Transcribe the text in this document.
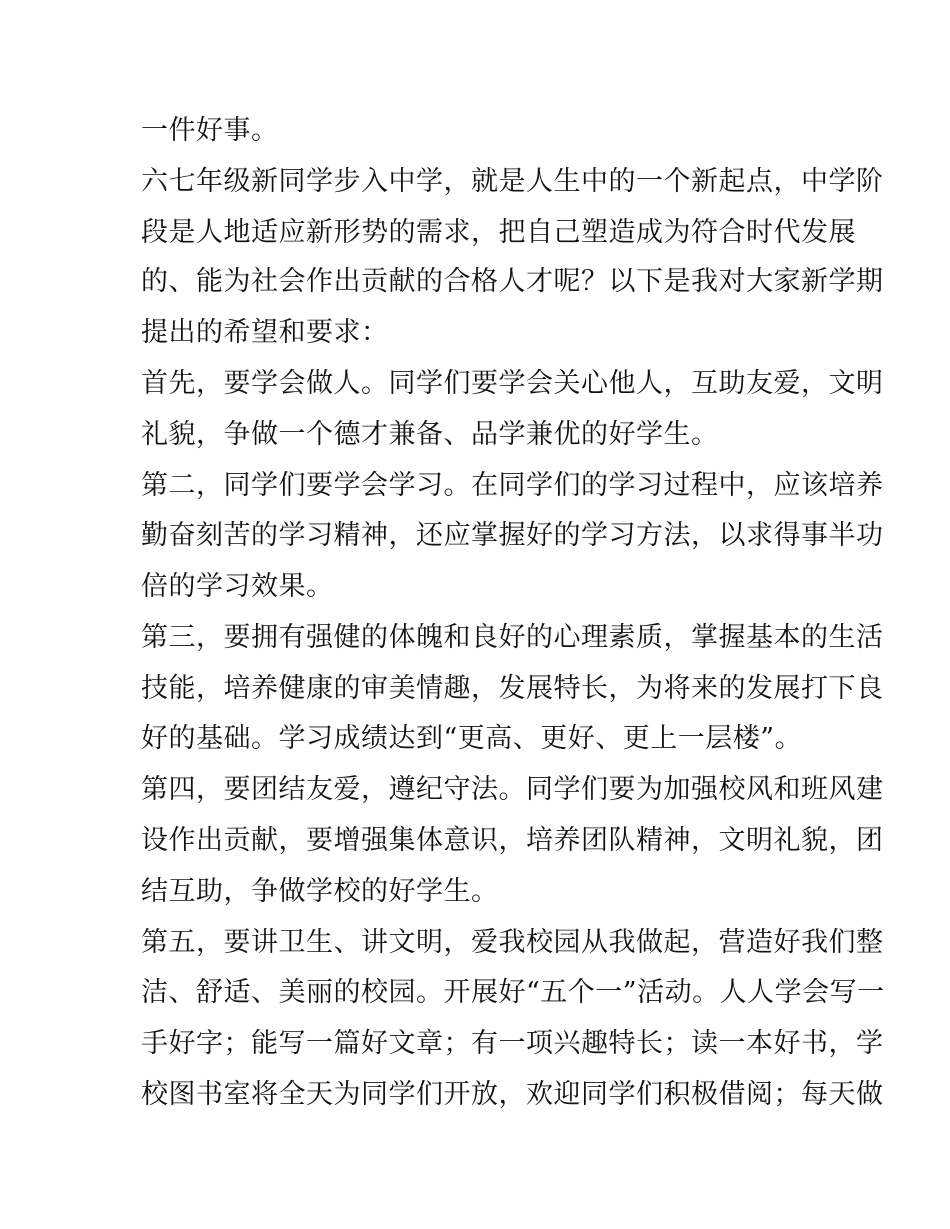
一件好事。
六七年级新同学步入中学，就是人生中的一个新起点，中学阶
段是人地适应新形势的需求，把自己塑造成为符合时代发展
的、能为社会作出贡献的合格人才呢？以下是我对大家新学期
提出的希望和要求：
首先，要学会做人。同学们要学会关心他人，互助友爱，文明
礼貌，争做一个德才兼备、品学兼优的好学生。
第二，同学们要学会学习。在同学们的学习过程中，应该培养
勤奋刻苦的学习精神，还应掌握好的学习方法，以求得事半功
倍的学习效果。
第三，要拥有强健的体魄和良好的心理素质，掌握基本的生活
技能，培养健康的审美情趣，发展特长，为将来的发展打下良
好的基础。学习成绩达到“更高、更好、更上一层楼”。
第四，要团结友爱，遵纪守法。同学们要为加强校风和班风建
设作出贡献，要增强集体意识，培养团队精神，文明礼貌，团
结互助，争做学校的好学生。
第五，要讲卫生、讲文明，爱我校园从我做起，营造好我们整
洁、舒适、美丽的校园。开展好“五个一”活动。人人学会写一
手好字；能写一篇好文章；有一项兴趣特长；读一本好书，学
校图书室将全天为同学们开放，欢迎同学们积极借阅；每天做
